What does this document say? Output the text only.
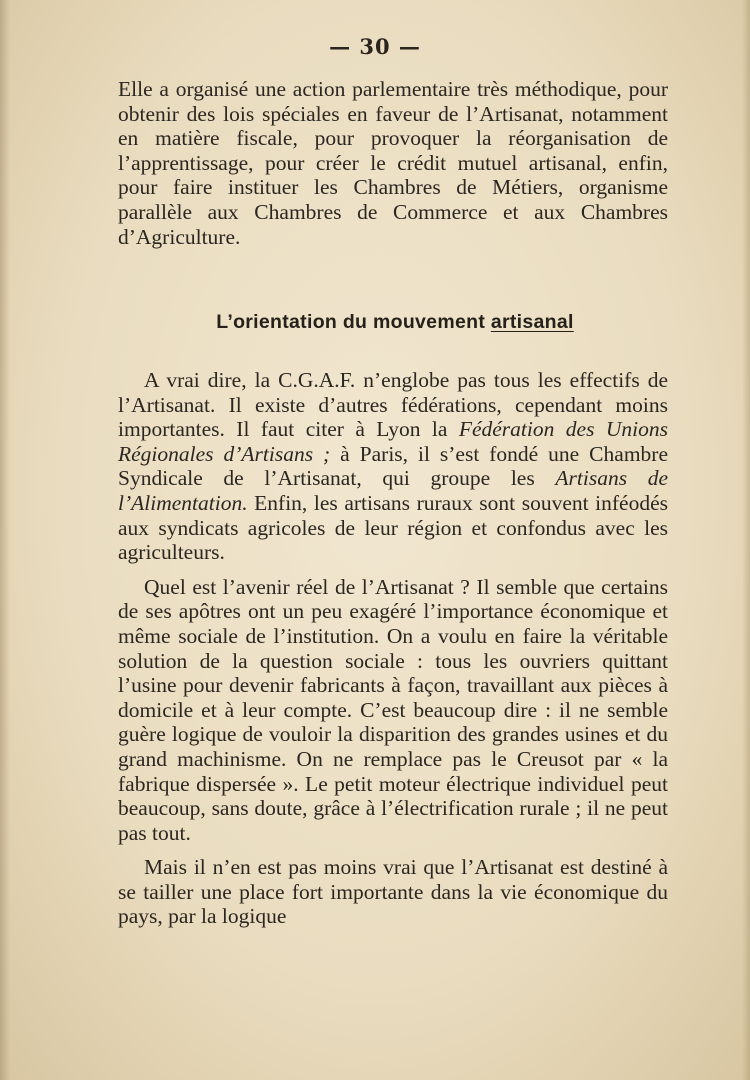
— 30 —

Elle a organisé une action parlementaire très méthodique, pour obtenir des lois spéciales en faveur de l’Artisanat, notamment en matière fiscale, pour provoquer la réorganisation de l’apprentissage, pour créer le crédit mutuel artisanal, enfin, pour faire instituer les Chambres de Métiers, organisme parallèle aux Chambres de Commerce et aux Chambres d’Agriculture.

L’orientation du mouvement artisanal

A vrai dire, la C.G.A.F. n’englobe pas tous les effectifs de l’Artisanat. Il existe d’autres fédérations, cependant moins importantes. Il faut citer à Lyon la Fédération des Unions Régionales d’Artisans ; à Paris, il s’est fondé une Chambre Syndicale de l’Artisanat, qui groupe les Artisans de l’Alimentation. Enfin, les artisans ruraux sont souvent inféodés aux syndicats agricoles de leur région et confondus avec les agriculteurs.

Quel est l’avenir réel de l’Artisanat ? Il semble que certains de ses apôtres ont un peu exagéré l’importance économique et même sociale de l’institution. On a voulu en faire la véritable solution de la question sociale : tous les ouvriers quittant l’usine pour devenir fabricants à façon, travaillant aux pièces à domicile et à leur compte. C’est beaucoup dire : il ne semble guère logique de vouloir la disparition des grandes usines et du grand machinisme. On ne remplace pas le Creusot par « la fabrique dispersée ». Le petit moteur électrique individuel peut beaucoup, sans doute, grâce à l’électrification rurale ; il ne peut pas tout.

Mais il n’en est pas moins vrai que l’Artisanat est destiné à se tailler une place fort importante dans la vie économique du pays, par la logique
